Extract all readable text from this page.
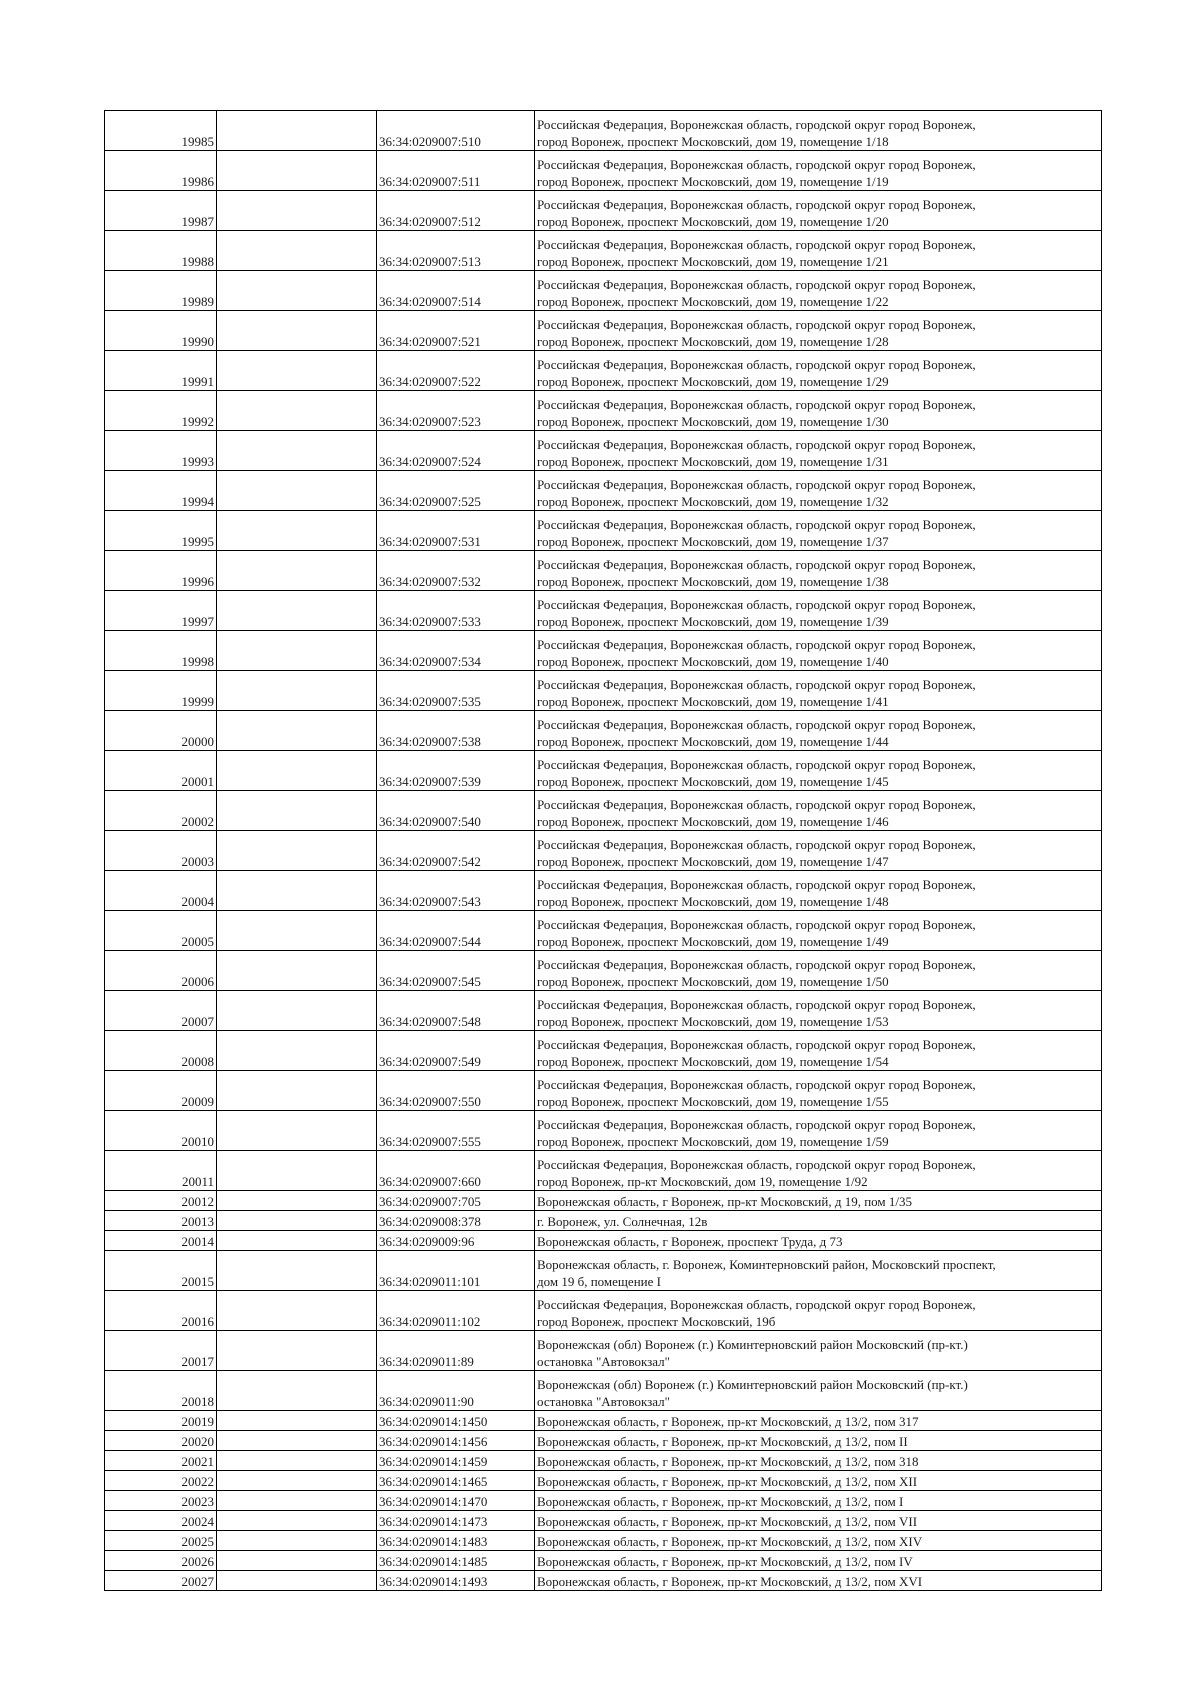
19985		36:34:0209007:510	Российская Федерация, Воронежская область, городской округ город Воронеж,
город Воронеж, проспект Московский, дом 19, помещение 1/18

19986		36:34:0209007:511	Российская Федерация, Воронежская область, городской округ город Воронеж,
город Воронеж, проспект Московский, дом 19, помещение 1/19

19987		36:34:0209007:512	Российская Федерация, Воронежская область, городской округ город Воронеж,
город Воронеж, проспект Московский, дом 19, помещение 1/20

19988		36:34:0209007:513	Российская Федерация, Воронежская область, городской округ город Воронеж,
город Воронеж, проспект Московский, дом 19, помещение 1/21

19989		36:34:0209007:514	Российская Федерация, Воронежская область, городской округ город Воронеж,
город Воронеж, проспект Московский, дом 19, помещение 1/22

19990		36:34:0209007:521	Российская Федерация, Воронежская область, городской округ город Воронеж,
город Воронеж, проспект Московский, дом 19, помещение 1/28

19991		36:34:0209007:522	Российская Федерация, Воронежская область, городской округ город Воронеж,
город Воронеж, проспект Московский, дом 19, помещение 1/29

19992		36:34:0209007:523	Российская Федерация, Воронежская область, городской округ город Воронеж,
город Воронеж, проспект Московский, дом 19, помещение 1/30

19993		36:34:0209007:524	Российская Федерация, Воронежская область, городской округ город Воронеж,
город Воронеж, проспект Московский, дом 19, помещение 1/31

19994		36:34:0209007:525	Российская Федерация, Воронежская область, городской округ город Воронеж,
город Воронеж, проспект Московский, дом 19, помещение 1/32

19995		36:34:0209007:531	Российская Федерация, Воронежская область, городской округ город Воронеж,
город Воронеж, проспект Московский, дом 19, помещение 1/37

19996		36:34:0209007:532	Российская Федерация, Воронежская область, городской округ город Воронеж,
город Воронеж, проспект Московский, дом 19, помещение 1/38

19997		36:34:0209007:533	Российская Федерация, Воронежская область, городской округ город Воронеж,
город Воронеж, проспект Московский, дом 19, помещение 1/39

19998		36:34:0209007:534	Российская Федерация, Воронежская область, городской округ город Воронеж,
город Воронеж, проспект Московский, дом 19, помещение 1/40

19999		36:34:0209007:535	Российская Федерация, Воронежская область, городской округ город Воронеж,
город Воронеж, проспект Московский, дом 19, помещение 1/41

20000		36:34:0209007:538	Российская Федерация, Воронежская область, городской округ город Воронеж,
город Воронеж, проспект Московский, дом 19, помещение 1/44

20001		36:34:0209007:539	Российская Федерация, Воронежская область, городской округ город Воронеж,
город Воронеж, проспект Московский, дом 19, помещение 1/45

20002		36:34:0209007:540	Российская Федерация, Воронежская область, городской округ город Воронеж,
город Воронеж, проспект Московский, дом 19, помещение 1/46

20003		36:34:0209007:542	Российская Федерация, Воронежская область, городской округ город Воронеж,
город Воронеж, проспект Московский, дом 19, помещение 1/47

20004		36:34:0209007:543	Российская Федерация, Воронежская область, городской округ город Воронеж,
город Воронеж, проспект Московский, дом 19, помещение 1/48

20005		36:34:0209007:544	Российская Федерация, Воронежская область, городской округ город Воронеж,
город Воронеж, проспект Московский, дом 19, помещение 1/49

20006		36:34:0209007:545	Российская Федерация, Воронежская область, городской округ город Воронеж,
город Воронеж, проспект Московский, дом 19, помещение 1/50

20007		36:34:0209007:548	Российская Федерация, Воронежская область, городской округ город Воронеж,
город Воронеж, проспект Московский, дом 19, помещение 1/53

20008		36:34:0209007:549	Российская Федерация, Воронежская область, городской округ город Воронеж,
город Воронеж, проспект Московский, дом 19, помещение 1/54

20009		36:34:0209007:550	Российская Федерация, Воронежская область, городской округ город Воронеж,
город Воронеж, проспект Московский, дом 19, помещение 1/55

20010		36:34:0209007:555	Российская Федерация, Воронежская область, городской округ город Воронеж,
город Воронеж, проспект Московский, дом 19, помещение 1/59

20011		36:34:0209007:660	Российская Федерация, Воронежская область, городской округ город Воронеж,
город Воронеж, пр-кт Московский, дом 19, помещение 1/92

20012		36:34:0209007:705	Воронежская область, г Воронеж, пр-кт Московский, д 19, пом 1/35

20013		36:34:0209008:378	г. Воронеж, ул. Солнечная, 12в

20014		36:34:0209009:96	Воронежская область, г Воронеж, проспект Труда, д 73

20015		36:34:0209011:101	Воронежская область, г. Воронеж, Коминтерновский район, Московский проспект,
дом 19 б, помещение I

20016		36:34:0209011:102	Российская Федерация, Воронежская область, городской округ город Воронеж,
город Воронеж, проспект Московский, 19б

20017		36:34:0209011:89	Воронежская (обл) Воронеж (г.) Коминтерновский район Московский (пр-кт.)
остановка "Автовокзал"

20018		36:34:0209011:90	Воронежская (обл) Воронеж (г.) Коминтерновский район Московский (пр-кт.)
остановка "Автовокзал"

20019		36:34:0209014:1450	Воронежская область, г Воронеж, пр-кт Московский, д 13/2, пом 317

20020		36:34:0209014:1456	Воронежская область, г Воронеж, пр-кт Московский, д 13/2, пом II

20021		36:34:0209014:1459	Воронежская область, г Воронеж, пр-кт Московский, д 13/2, пом 318

20022		36:34:0209014:1465	Воронежская область, г Воронеж, пр-кт Московский, д 13/2, пом XII

20023		36:34:0209014:1470	Воронежская область, г Воронеж, пр-кт Московский, д 13/2, пом I

20024		36:34:0209014:1473	Воронежская область, г Воронеж, пр-кт Московский, д 13/2, пом VII

20025		36:34:0209014:1483	Воронежская область, г Воронеж, пр-кт Московский, д 13/2, пом XIV

20026		36:34:0209014:1485	Воронежская область, г Воронеж, пр-кт Московский, д 13/2, пом IV

20027		36:34:0209014:1493	Воронежская область, г Воронеж, пр-кт Московский, д 13/2, пом XVI
